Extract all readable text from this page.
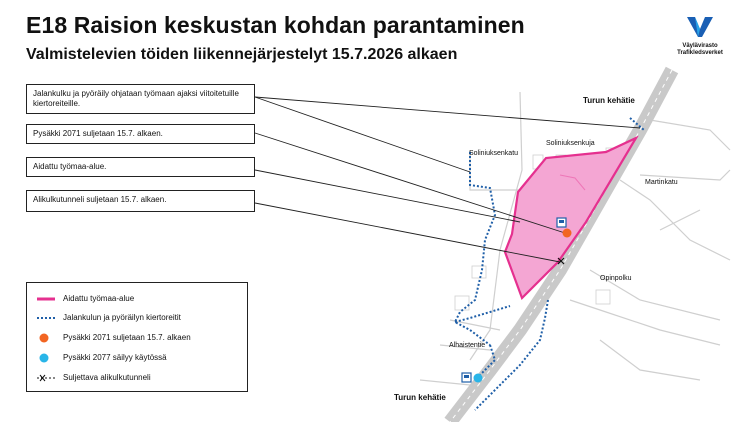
E18 Raision keskustan kohdan parantaminen
Valmistelevien töiden liikennejärjestelyt 15.7.2026 alkaen	Väylävirasto
Trafikledsverket
Jalankulku ja pyöräily ohjataan työmaan ajaksi viitoitetuille kiertoreiteille.
Pysäkki 2071 suljetaan 15.7. alkaen.
Aidattu työmaa-alue.
Alikulkutunneli suljetaan 15.7. alkaen.
Aidattu työmaa-alue
Jalankulun ja pyöräilyn kiertoreitit
Pysäkki 2071 suljetaan 15.7. alkaen
Pysäkki 2077 säilyy käytössä
Suljettava alikulkutunneli
Turun kehätie
Turun kehätie
Soliniuksenkuja
Soliniuksenkatu
Martinkatu
Opinpolku
Alhaistentie
